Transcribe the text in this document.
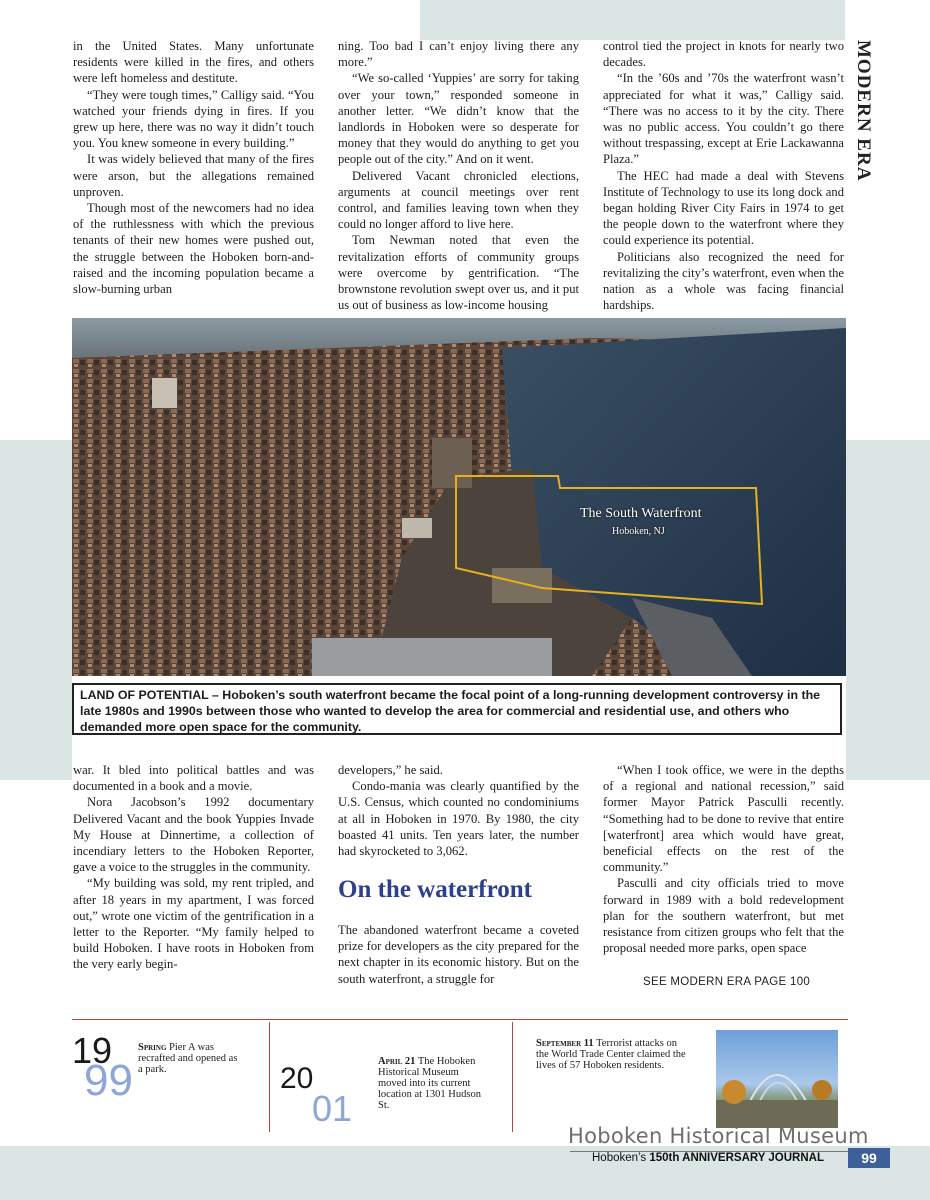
MODERN ERA

in the United States. Many unfortunate residents were killed in the fires, and others were left homeless and destitute.

“They were tough times,” Calligy said. “You watched your friends dying in fires. If you grew up here, there was no way it didn’t touch you. You knew someone in every building.”

It was widely believed that many of the fires were arson, but the allegations remained unproven.

Though most of the newcomers had no idea of the ruthlessness with which the previous tenants of their new homes were pushed out, the struggle between the Hoboken born-and-raised and the incoming population became a slow-burning urban

ning. Too bad I can’t enjoy living there any more.”

“We so-called ‘Yuppies’ are sorry for taking over your town,” responded someone in another letter. “We didn’t know that the landlords in Hoboken were so desperate for money that they would do anything to get you people out of the city.” And on it went.

Delivered Vacant chronicled elections, arguments at council meetings over rent control, and families leaving town when they could no longer afford to live here.

Tom Newman noted that even the revitalization efforts of community groups were overcome by gentrification. “The brownstone revolution swept over us, and it put us out of business as low-income housing

control tied the project in knots for nearly two decades.

“In the ’60s and ’70s the waterfront wasn’t appreciated for what it was,” Calligy said. “There was no access to it by the city. There was no public access. You couldn’t go there without trespassing, except at Erie Lackawanna Plaza.”

The HEC had made a deal with Stevens Institute of Technology to use its long dock and began holding River City Fairs in 1974 to get the people down to the waterfront where they could experience its potential.

Politicians also recognized the need for revitalizing the city’s waterfront, even when the nation as a whole was facing financial hardships.

The South Waterfront
Hoboken, NJ
LAND OF POTENTIAL – Hoboken’s south waterfront became the focal point of a long-running development controversy in the late 1980s and 1990s between those who wanted to develop the area for commercial and residential use, and others who demanded more open space for the community.

war. It bled into political battles and was documented in a book and a movie.

Nora Jacobson’s 1992 documentary Delivered Vacant and the book Yuppies Invade My House at Dinnertime, a collection of incendiary letters to the Hoboken Reporter, gave a voice to the struggles in the community.

“My building was sold, my rent tripled, and after 18 years in my apartment, I was forced out,” wrote one victim of the gentrification in a letter to the Reporter. “My family helped to build Hoboken. I have roots in Hoboken from the very early begin-

developers,” he said.

Condo-mania was clearly quantified by the U.S. Census, which counted no condominiums at all in Hoboken in 1970. By 1980, the city boasted 41 units. Ten years later, the number had skyrocketed to 3,062.

On the waterfront

The abandoned waterfront became a coveted prize for developers as the city prepared for the next chapter in its economic history. But on the south waterfront, a struggle for

“When I took office, we were in the depths of a regional and national recession,” said former Mayor Patrick Pasculli recently. “Something had to be done to revive that entire [waterfront] area which would have great, beneficial effects on the rest of the community.”

Pasculli and city officials tried to move forward in 1989 with a bold redevelopment plan for the southern waterfront, but met resistance from citizen groups who felt that the proposal needed more parks, open space

SEE MODERN ERA PAGE 100
19
99
Spring Pier A was recrafted and opened as a park.	20
01
April 21 The Hoboken Historical Museum moved into its current location at 1301 Hudson St.
September 11 Terrorist attacks on the World Trade Center claimed the lives of 57 Hoboken residents.
Hoboken Historical Museum
Hoboken’s 150th ANNIVERSARY JOURNAL	99
